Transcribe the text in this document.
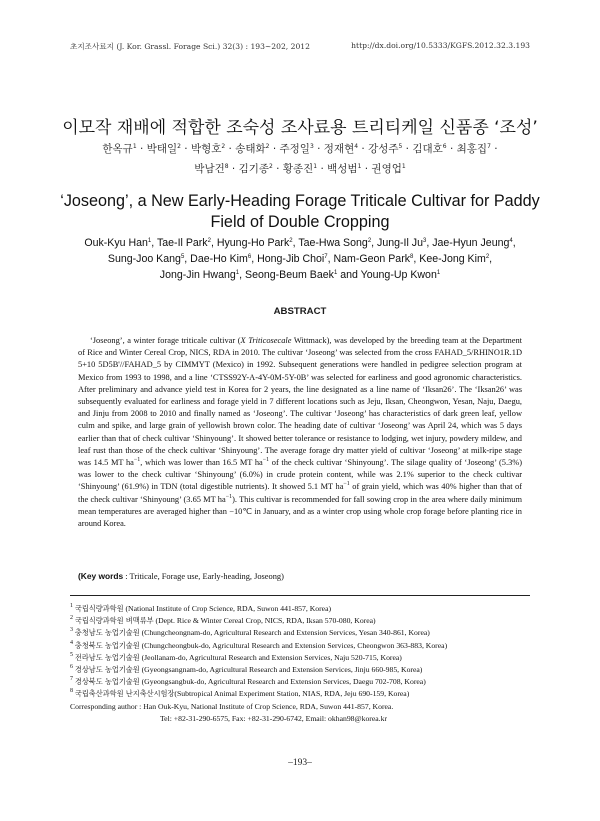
초지조사료지 (J. Kor. Grassl. Forage Sci.) 32(3) : 193~202, 2012	http://dx.doi.org/10.5333/KGFS.2012.32.3.193
이모작 재배에 적합한 조숙성 조사료용 트리티케일 신품종 ‘조성’
한옥규$^1$ · 박태일$^2$ · 박형호$^2$ · 송태화$^2$ · 주정일$^3$ · 정재현$^4$ · 강성주$^5$ · 김대호$^6$ · 최홍집$^7$ ·
박남건$^8$ · 김기종$^2$ · 황종진$^1$ · 백성범$^1$ · 권영업$^1$
‘Joseong’, a New Early-Heading Forage Triticale Cultivar for Paddy Field of Double Cropping
Ouk-Kyu Han$^1$, Tae-Il Park$^2$, Hyung-Ho Park$^2$, Tae-Hwa Song$^2$, Jung-Il Ju$^3$, Jae-Hyun Jeung$^4$,
Sung-Joo Kang$^5$, Dae-Ho Kim$^6$, Hong-Jib Choi$^7$, Nam-Geon Park$^8$, Kee-Jong Kim$^2$,
Jong-Jin Hwang$^1$, Seong-Beum Baek$^1$ and Young-Up Kwon$^1$
ABSTRACT
‘Joseong’, a winter forage triticale cultivar (X Triticosecale Wittmack), was developed by the breeding team at the Department of Rice and Winter Cereal Crop, NICS, RDA in 2010. The cultivar ‘Joseong’ was selected from the cross FAHAD_5/RHINO1R.1D 5+10 5D5B'//FAHAD_5 by CIMMYT (Mexico) in 1992. Subsequent generations were handled in pedigree selection program at Mexico from 1993 to 1998, and a line ‘CTSS92Y-A-4Y-0M-5Y-0B’ was selected for earliness and good agronomic characteristics. After preliminary and advance yield test in Korea for 2 years, the line designated as a line name of ‘Iksan26’. The ‘Iksan26’ was subsequently evaluated for earliness and forage yield in 7 different locations such as Jeju, Iksan, Cheongwon, Yesan, Naju, Daegu, and Jinju from 2008 to 2010 and finally named as ‘Joseong’. The cultivar ‘Joseong’ has characteristics of dark green leaf, yellow culm and spike, and large grain of yellowish brown color. The heading date of cultivar ‘Joseong’ was April 24, which was 5 days earlier than that of check cultivar ‘Shinyoung’. It showed better tolerance or resistance to lodging, wet injury, powdery mildew, and leaf rust than those of the check cultivar ‘Shinyoung’. The average forage dry matter yield of cultivar ‘Joseong’ at milk-ripe stage was 14.5 MT $ha^{-1}$, which was lower than 16.5 MT $ha^{-1}$ of the check cultivar ‘Shinyoung’. The silage quality of ‘Joseong’ (5.3%) was lower to the check cultivar ‘Shinyoung’ (6.0%) in crude protein content, while was 2.1% superior to the check cultivar ‘Shinyoung’ (61.9%) in TDN (total digestible nutrients). It showed 5.1 MT $ha^{-1}$ of grain yield, which was 40% higher than that of the check cultivar ‘Shinyoung’ (3.65 MT $ha^{-1}$). This cultivar is recommended for fall sowing crop in the area where daily minimum mean temperatures are averaged higher than −10℃ in January, and as a winter crop using whole crop forage before planting rice in around Korea.
(Key words : Triticale, Forage use, Early-heading, Joseong)
$^1$ 국립식량과학원 (National Institute of Crop Science, RDA, Suwon 441-857, Korea)
$^2$ 국립식량과학원 벼맥류부 (Dept. Rice & Winter Cereal Crop, NICS, RDA, Iksan 570-080, Korea)
$^3$ 충청남도 농업기술원 (Chungcheongnam-do, Agricultural Research and Extension Services, Yesan 340-861, Korea)
$^4$ 충청북도 농업기술원 (Chungcheongbuk-do, Agricultural Research and Extension Services, Cheongwon 363-883, Korea)
$^5$ 전라남도 농업기술원 (Jeollanam-do, Agricultural Research and Extension Services, Naju 520-715, Korea)
$^6$ 경상남도 농업기술원 (Gyeongsangnam-do, Agricultural Research and Extension Services, Jinju 660-985, Korea)
$^7$ 경상북도 농업기술원 (Gyeongsangbuk-do, Agricultural Research and Extension Services, Daegu 702-708, Korea)
$^8$ 국립축산과학원 난지축산시험장(Subtropical Animal Experiment Station, NIAS, RDA, Jeju 690-159, Korea)
Corresponding author : Han Ouk-Kyu, National Institute of Crop Science, RDA, Suwon 441-857, Korea.
Tel: +82-31-290-6575, Fax: +82-31-290-6742, Email: okhan98@korea.kr
–193–
